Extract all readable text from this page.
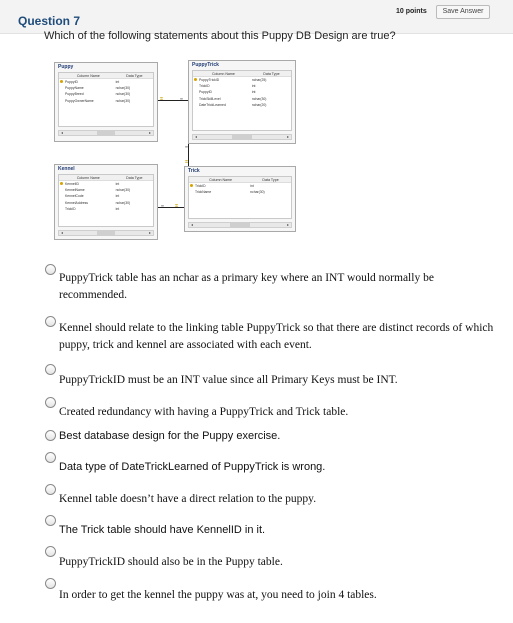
10 points	Save Answer
Question 7
Which of the following statements about this Puppy DB Design are true?
Puppy
Column Name	Data Type
PuppyID	int
PuppyName	nchar(30)
PuppyBreed	nchar(30)
PuppyOwnerName	nchar(30)
◂	▸
PuppyTrick
Column Name	Data Type
PuppyTrickID	nchar(25)
TrickID	int
PuppyID	int
TrickSkillLevel	nchar(30)
DateTrickLearned	nchar(20)
◂	▸
Kennel
Column Name	Data Type
KennelID	int
KennelName	nchar(30)
KennelCode	int
KennelAddress	nchar(30)
TrickID	int
◂	▸
Trick
Column Name	Data Type
TrickID	int
TrickName	nchar(30)
◂	▸
⚿	∞
∞
⚿
∞	⚿
PuppyTrick table has an nchar as a primary key where an INT would normally be recommended.
Kennel should relate to the linking table PuppyTrick so that there are distinct records of which puppy, trick and kennel are associated with each event.
PuppyTrickID must be an INT value since all Primary Keys must be INT.
Created redundancy with having a PuppyTrick and Trick table.
Best database design for the Puppy exercise.
Data type of DateTrickLearned of PuppyTrick is wrong.
Kennel table doesn’t have a direct relation to the puppy.
The Trick table should have KennelID in it.
PuppyTrickID should also be in the Puppy table.
In order to get the kennel the puppy was at, you need to join 4 tables.
